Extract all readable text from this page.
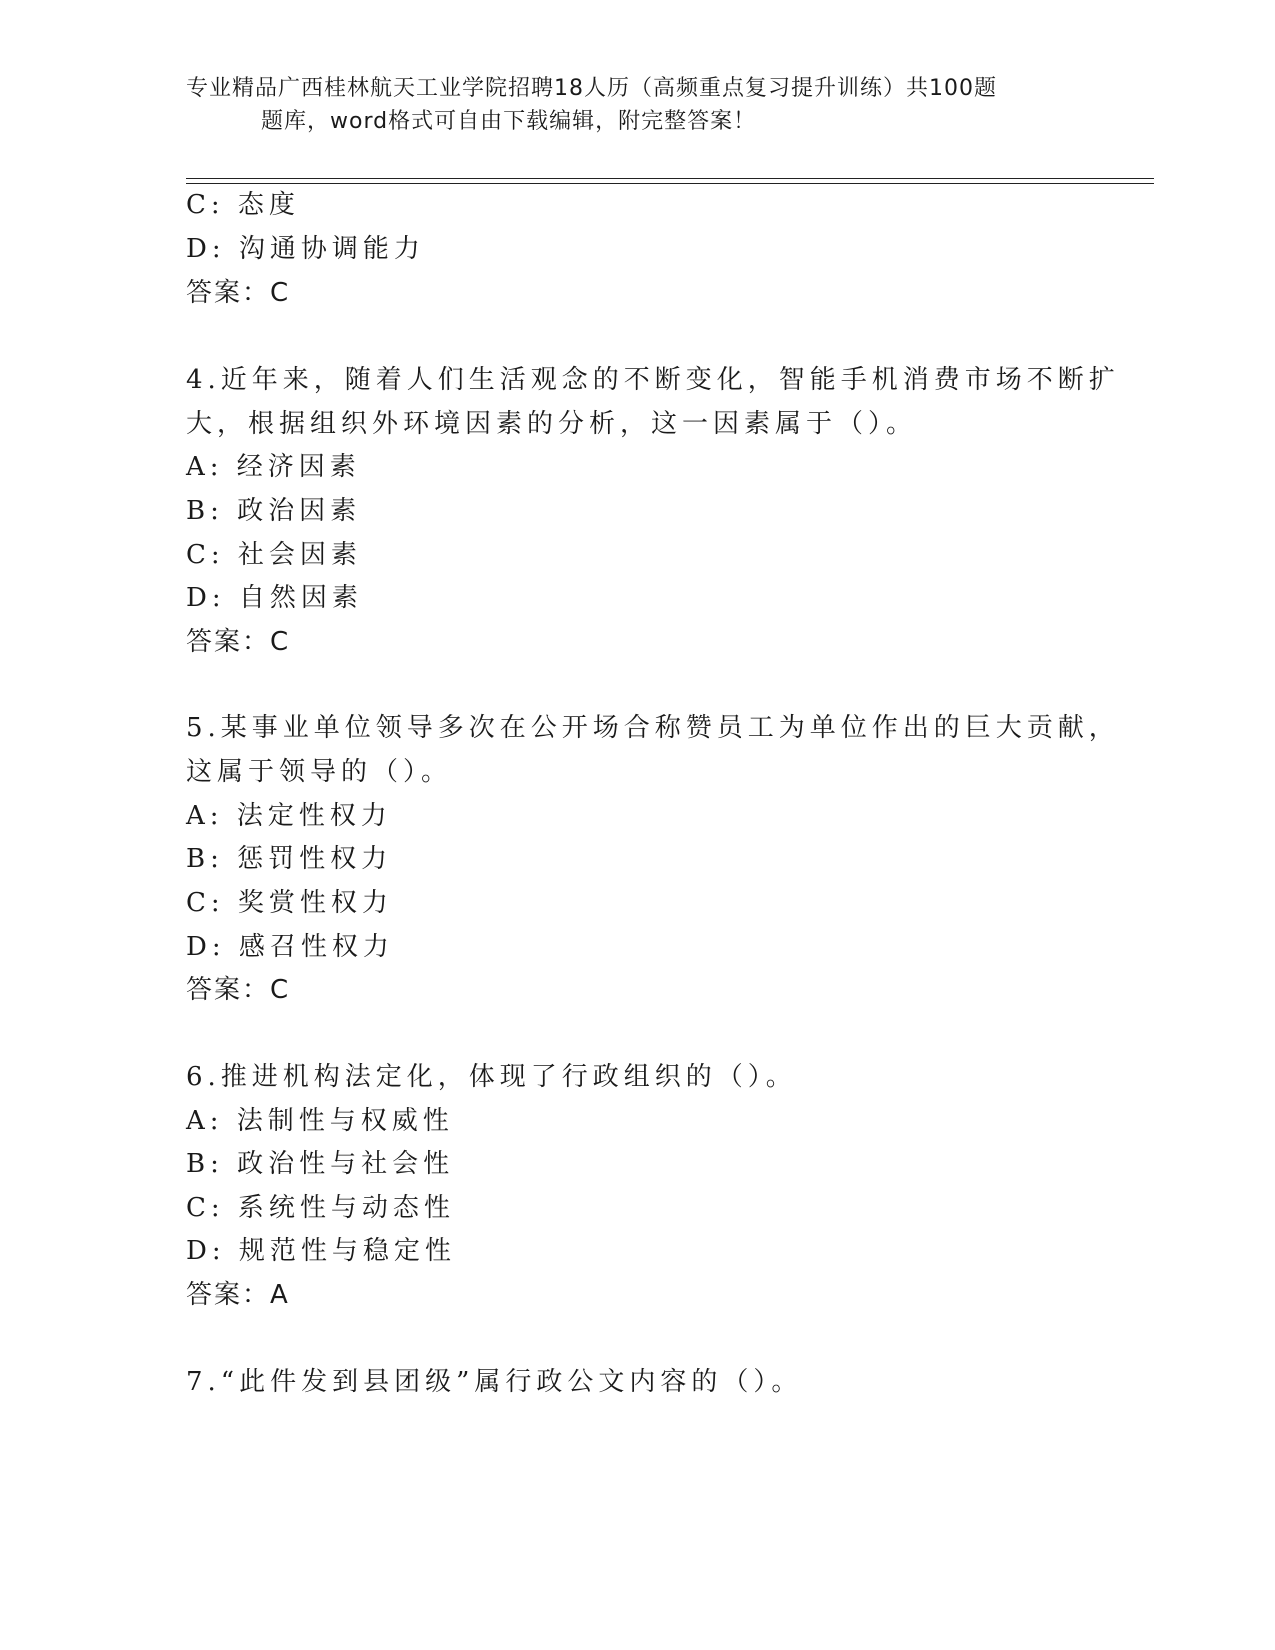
专业精品广西桂林航天工业学院招聘18人历（高频重点复习提升训练）共100题
题库，word格式可自由下载编辑，附完整答案！
C: 态度
D: 沟通协调能力
答案：C
4.近年来，随着人们生活观念的不断变化，智能手机消费市场不断扩
大，根据组织外环境因素的分析，这一因素属于（）。
A: 经济因素
B: 政治因素
C: 社会因素
D: 自然因素
答案：C
5.某事业单位领导多次在公开场合称赞员工为单位作出的巨大贡献，
这属于领导的（）。
A: 法定性权力
B: 惩罚性权力
C: 奖赏性权力
D: 感召性权力
答案：C
6.推进机构法定化，体现了行政组织的（）。
A: 法制性与权威性
B: 政治性与社会性
C: 系统性与动态性
D: 规范性与稳定性
答案：A
7.“此件发到县团级”属行政公文内容的（）。
